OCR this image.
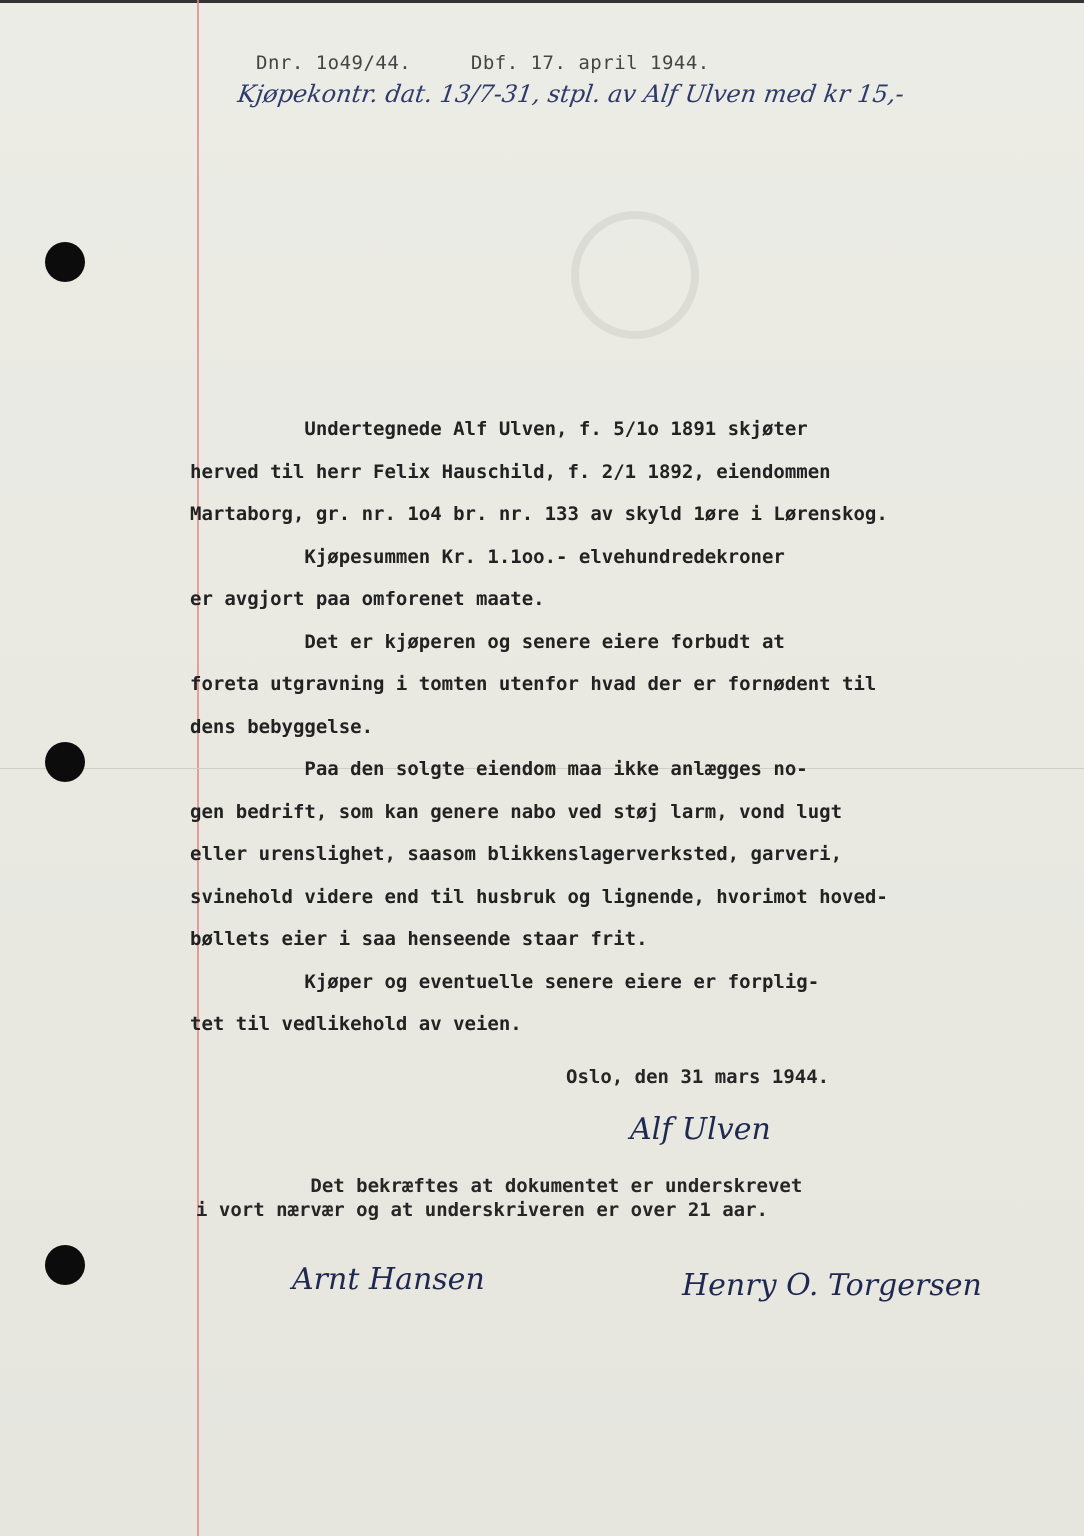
Dnr. 1o49/44.	Dbf. 17. april 1944.
Kjøpekontr. dat. 13/7-31, stpl. av Alf Ulven med kr 15,-
Undertegnede Alf Ulven, f. 5/1o 1891 skjøter
herved til herr Felix Hauschild, f. 2/1 1892, eiendommen
Martaborg, gr. nr. 1o4 br. nr. 133 av skyld 1øre i Lørenskog.
Kjøpesummen Kr. 1.1oo.- elvehundredekroner
er avgjort paa omforenet maate.
Det er kjøperen og senere eiere forbudt at
foreta utgravning i tomten utenfor hvad der er fornødent til
dens bebyggelse.
Paa den solgte eiendom maa ikke anlægges no-
gen bedrift, som kan genere nabo ved støj larm, vond lugt
eller urenslighet, saasom blikkenslagerverksted, garveri,
svinehold videre end til husbruk og lignende, hvorimot hoved-
bøllets eier i saa henseende staar frit.
Kjøper og eventuelle senere eiere er forplig-
tet til vedlikehold av veien.
Oslo, den 31 mars 1944.
Alf Ulven
Det bekræftes at dokumentet er underskrevet
i vort nærvær og at underskriveren er over 21 aar.
Arnt Hansen	Henry O. Torgersen
